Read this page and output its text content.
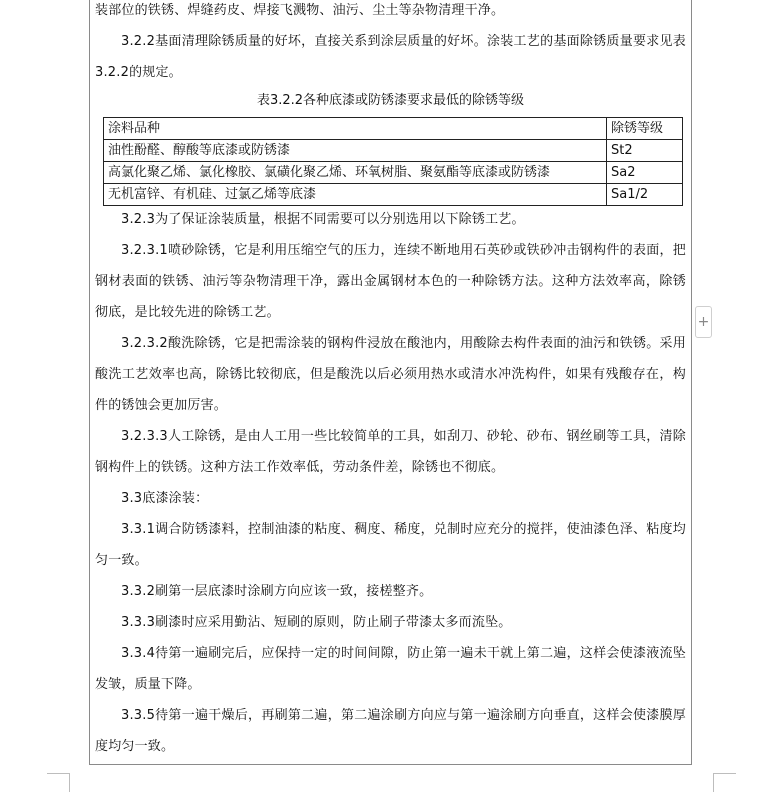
装部位的铁锈、焊缝药皮、焊接飞溅物、油污、尘土等杂物清理干净。

3.2.2基面清理除锈质量的好坏，直接关系到涂层质量的好坏。涂装工艺的基面除锈质量要求见表 3.2.2的规定。

表3.2.2各种底漆或防锈漆要求最低的除锈等级
涂料品种	除锈等级
油性酚醛、醇酸等底漆或防锈漆	St2
高氯化聚乙烯、氯化橡胶、氯磺化聚乙烯、环氧树脂、聚氨酯等底漆或防锈漆	Sa2
无机富锌、有机硅、过氯乙烯等底漆	Sa1/2

3.2.3为了保证涂装质量，根据不同需要可以分别选用以下除锈工艺。

3.2.3.1喷砂除锈，它是利用压缩空气的压力，连续不断地用石英砂或铁砂冲击钢构件的表面，把钢材表面的铁锈、油污等杂物清理干净，露出金属钢材本色的一种除锈方法。这种方法效率高，除锈彻底，是比较先进的除锈工艺。

3.2.3.2酸洗除锈，它是把需涂装的钢构件浸放在酸池内，用酸除去构件表面的油污和铁锈。采用酸洗工艺效率也高，除锈比较彻底，但是酸洗以后必须用热水或清水冲洗构件，如果有残酸存在，构件的锈蚀会更加厉害。

3.2.3.3人工除锈，是由人工用一些比较简单的工具，如刮刀、砂轮、砂布、钢丝刷等工具，清除钢构件上的铁锈。这种方法工作效率低，劳动条件差，除锈也不彻底。

3.3底漆涂装：

3.3.1调合防锈漆料，控制油漆的粘度、稠度、稀度，兑制时应充分的搅拌，使油漆色泽、粘度均匀一致。

3.3.2刷第一层底漆时涂刷方向应该一致，接槎整齐。

3.3.3刷漆时应采用勤沾、短刷的原则，防止刷子带漆太多而流坠。

3.3.4待第一遍刷完后，应保持一定的时间间隙，防止第一遍未干就上第二遍，这样会使漆液流坠发皱，质量下降。

3.3.5待第一遍干燥后，再刷第二遍，第二遍涂刷方向应与第一遍涂刷方向垂直，这样会使漆膜厚度均匀一致。

+
